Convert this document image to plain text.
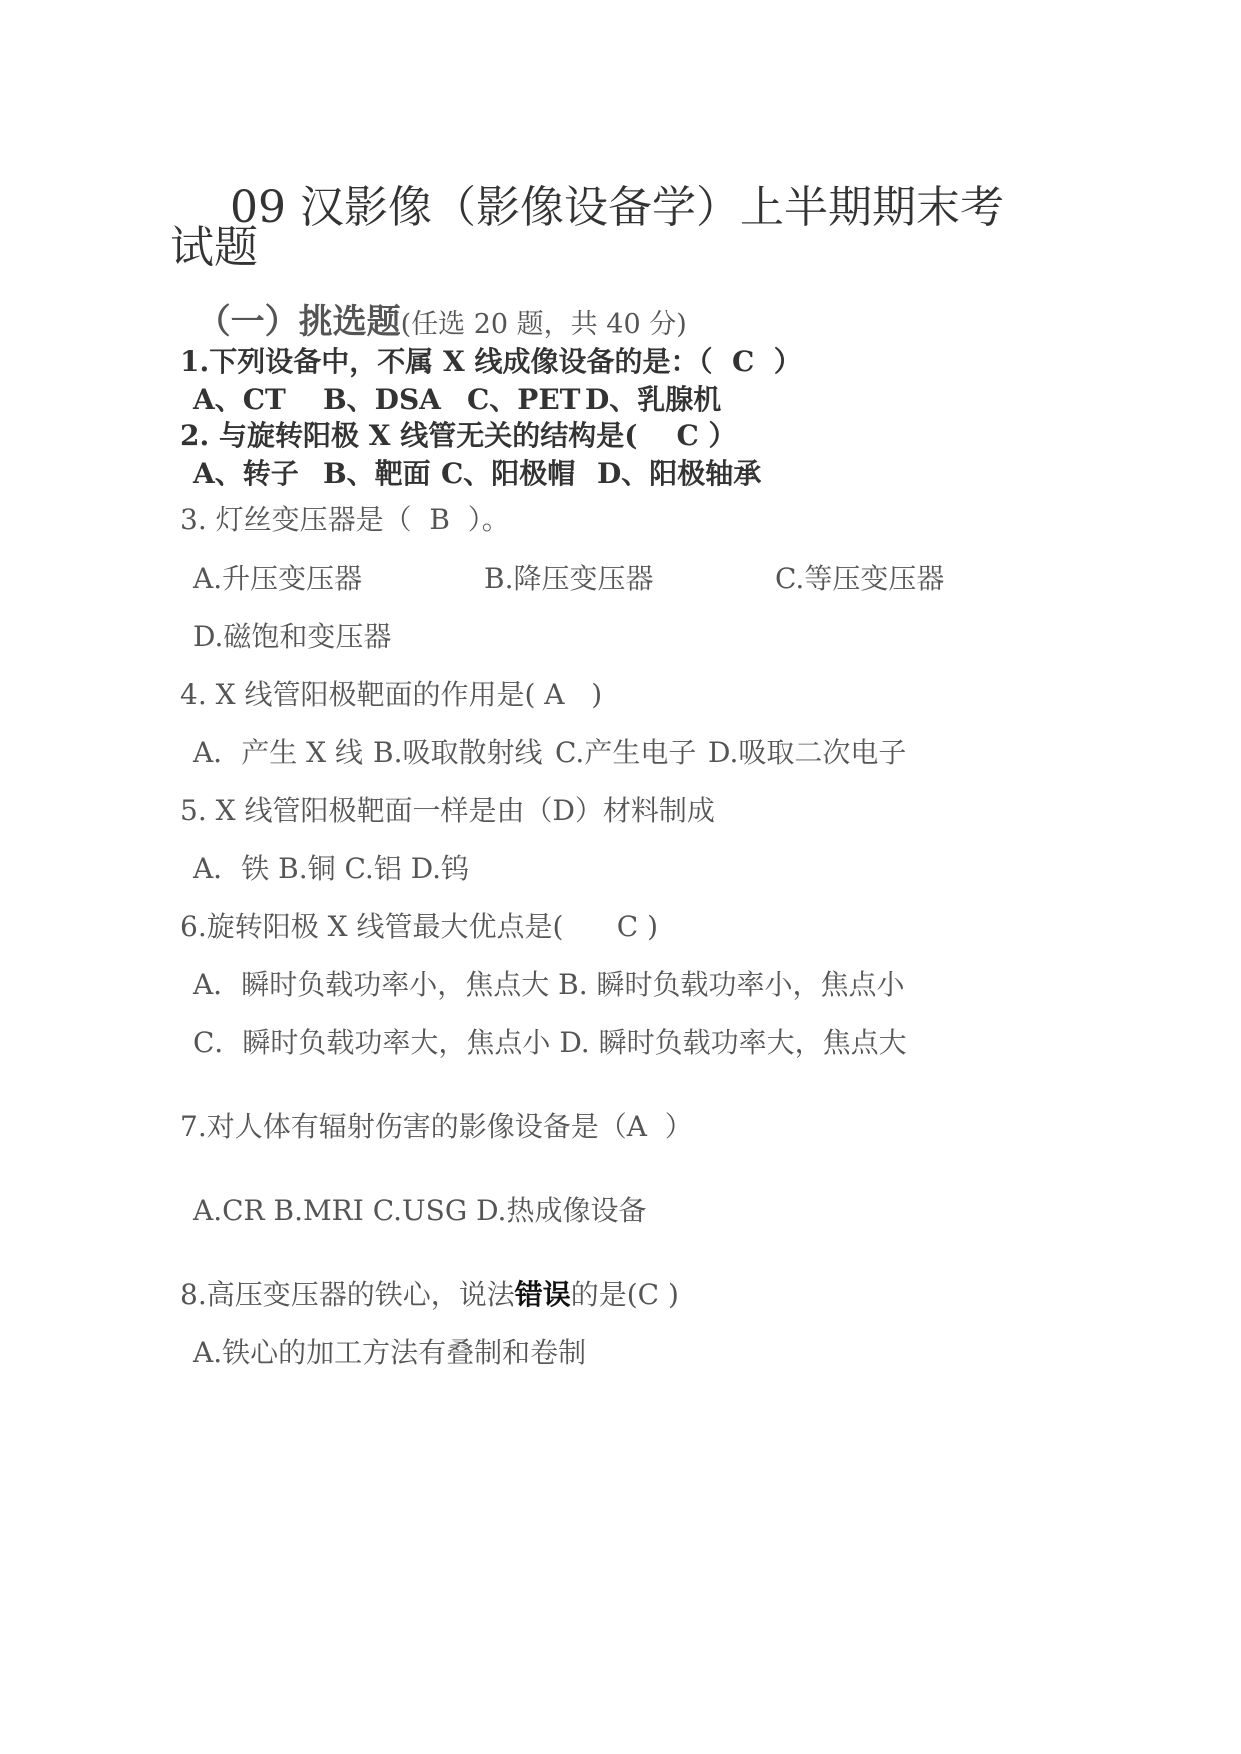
09 汉影像（影像设备学）上半期期末考
试题

（一）挑选题(任选 20 题，共 40 分)

1.下列设备中，不属 X 线成像设备的是：（  C  ）
A、CT B、DSA C、PET D、乳腺机
2. 与旋转阳极 X 线管无关的结构是(    C ）
A、转子 B、靶面 C、阳极帽 D、阳极轴承
3. 灯丝变压器是（  B  ）。
A.升压变压器	B.降压变压器	C.等压变压器
D.磁饱和变压器
4. X 线管阳极靶面的作用是( A   )
A．产生 X 线 B.吸取散射线 C.产生电子 D.吸取二次电子
5. X 线管阳极靶面一样是由（D）材料制成
A．铁 B.铜 C.铝 D.钨
6.旋转阳极 X 线管最大优点是(      C )
A．瞬时负载功率小，焦点大 B. 瞬时负载功率小，焦点小
C．瞬时负载功率大，焦点小 D. 瞬时负载功率大，焦点大
7.对人体有辐射伤害的影像设备是（A  ）
A.CR B.MRI C.USG D.热成像设备
8.高压变压器的铁心，说法错误的是(C )
A.铁心的加工方法有叠制和卷制
